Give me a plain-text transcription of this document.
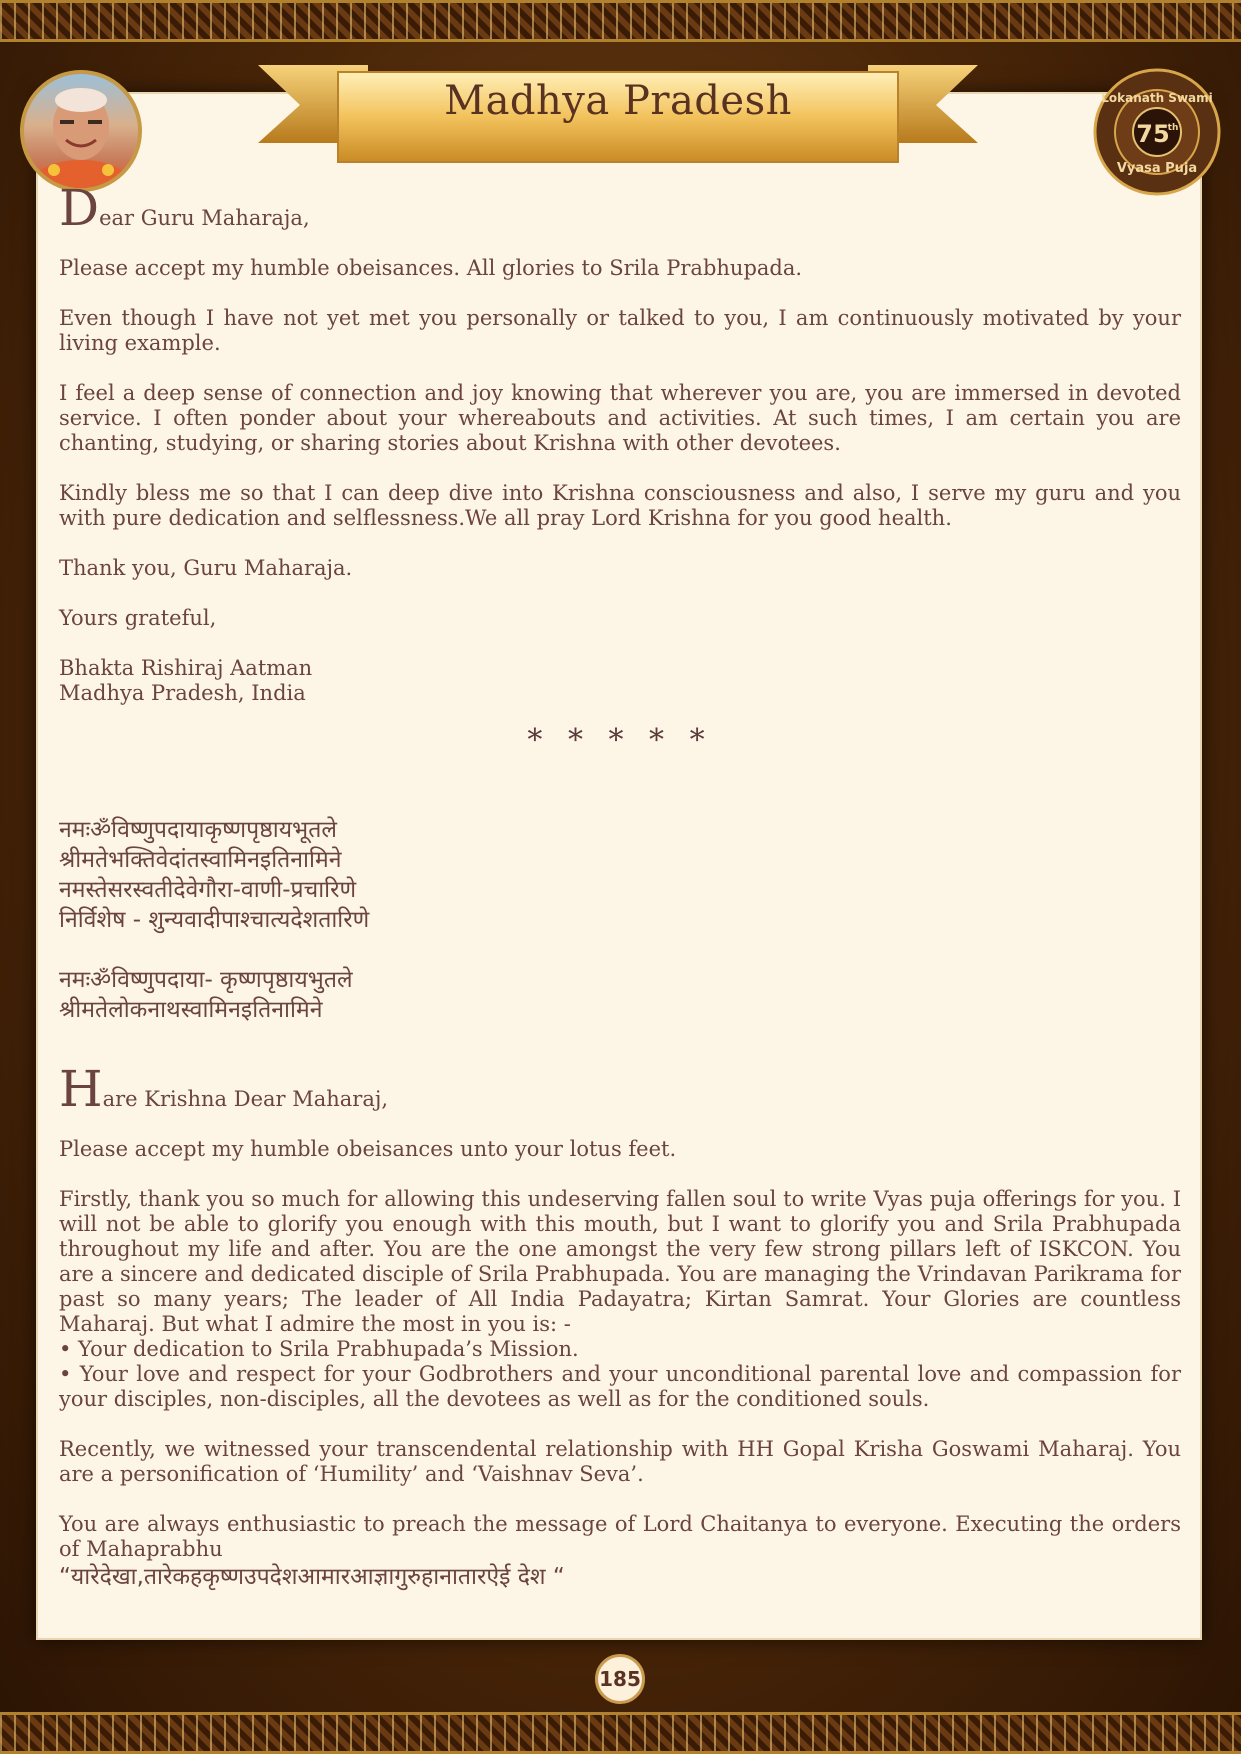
Madhya Pradesh	Lokanath Swami
75
th
Vyasa Puja

Dear Guru Maharaja,

Please accept my humble obeisances. All glories to Srila Prabhupada.

Even though I have not yet met you personally or talked to you, I am continuously motivated by your living example.

I feel a deep sense of connection and joy knowing that wherever you are, you are immersed in devoted service. I often ponder about your whereabouts and activities. At such times, I am certain you are chanting, studying, or sharing stories about Krishna with other devotees.

Kindly bless me so that I can deep dive into Krishna consciousness and also, I serve my guru and you with pure dedication and selflessness.We all pray Lord Krishna for you good health.

Thank you, Guru Maharaja.

Yours grateful,

Bhakta Rishiraj Aatman

Madhya Pradesh, India

* * * * *

नमःॐविष्णुपदायाकृष्णपृष्ठायभूतले

श्रीमतेभक्तिवेदांतस्वामिनइतिनामिने

नमस्तेसरस्वतीदेवेगौरा-वाणी-प्रचारिणे

निर्विशेष - शुन्यवादीपाश्चात्यदेशतारिणे

नमःॐविष्णुपदाया- कृष्णपृष्ठायभुतले

श्रीमतेलोकनाथस्वामिनइतिनामिने

Hare Krishna Dear Maharaj,

Please accept my humble obeisances unto your lotus feet.

Firstly, thank you so much for allowing this undeserving fallen soul to write Vyas puja offerings for you. I will not be able to glorify you enough with this mouth, but I want to glorify you and Srila Prabhupada throughout my life and after. You are the one amongst the very few strong pillars left of ISKCON. You are a sincere and dedicated disciple of Srila Prabhupada. You are managing the Vrindavan Parikrama for past so many years; The leader of All India Padayatra; Kirtan Samrat. Your Glories are countless Maharaj. But what I admire the most in you is: -

• Your dedication to Srila Prabhupada’s Mission.

• Your love and respect for your Godbrothers and your unconditional parental love and compassion for your disciples, non-disciples, all the devotees as well as for the conditioned souls.

Recently, we witnessed your transcendental relationship with HH Gopal Krisha Goswami Maharaj. You are a personification of ‘Humility’ and ‘Vaishnav Seva’.

You are always enthusiastic to preach the message of Lord Chaitanya to everyone. Executing the orders of Mahaprabhu

“यारेदेखा,तारेकहकृष्णउपदेशआमारआज्ञागुरुहानातारऐई देश “

185
